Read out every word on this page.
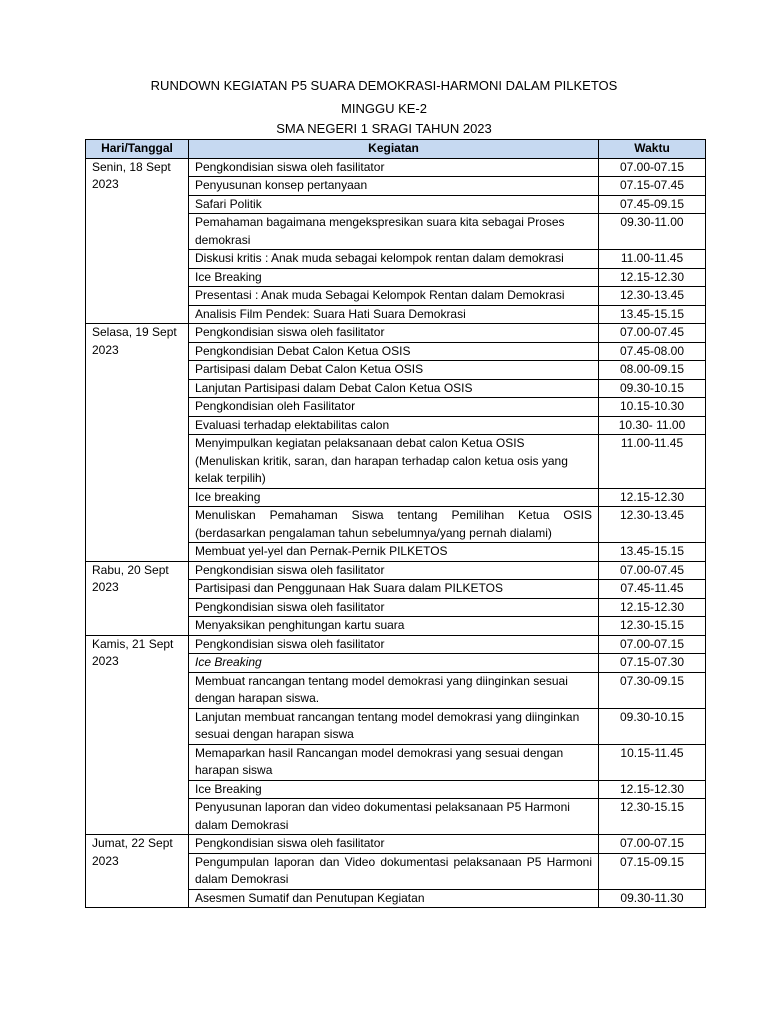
RUNDOWN KEGIATAN P5 SUARA DEMOKRASI-HARMONI DALAM PILKETOS
MINGGU KE-2
SMA NEGERI 1 SRAGI TAHUN 2023
Hari/Tanggal	Kegiatan	Waktu
Senin, 18 Sept 2023	Pengkondisian siswa oleh fasilitator	07.00-07.15
	Penyusunan konsep pertanyaan	07.15-07.45
	Safari Politik	07.45-09.15
	Pemahaman bagaimana mengekspresikan suara kita sebagai Proses demokrasi	09.30-11.00
	Diskusi kritis : Anak muda sebagai kelompok rentan dalam demokrasi	11.00-11.45
	Ice Breaking	12.15-12.30
	Presentasi : Anak muda Sebagai Kelompok Rentan dalam Demokrasi	12.30-13.45
	Analisis Film Pendek: Suara Hati Suara Demokrasi	13.45-15.15
Selasa, 19 Sept 2023	Pengkondisian siswa oleh fasilitator	07.00-07.45
	Pengkondisian Debat Calon Ketua OSIS	07.45-08.00
	Partisipasi dalam Debat Calon Ketua OSIS	08.00-09.15
	Lanjutan Partisipasi dalam Debat Calon Ketua OSIS	09.30-10.15
	Pengkondisian oleh Fasilitator	10.15-10.30
	Evaluasi terhadap elektabilitas calon	10.30- 11.00
	Menyimpulkan kegiatan pelaksanaan debat calon Ketua OSIS (Menuliskan kritik, saran, dan harapan terhadap calon ketua osis yang kelak terpilih)	11.00-11.45
	Ice breaking	12.15-12.30
	Menuliskan Pemahaman Siswa tentang Pemilihan Ketua OSIS (berdasarkan pengalaman tahun sebelumnya/yang pernah dialami)	12.30-13.45
	Membuat yel-yel dan Pernak-Pernik PILKETOS	13.45-15.15
Rabu, 20 Sept 2023	Pengkondisian siswa oleh fasilitator	07.00-07.45
	Partisipasi dan Penggunaan Hak Suara dalam PILKETOS	07.45-11.45
	Pengkondisian siswa oleh fasilitator	12.15-12.30
	Menyaksikan penghitungan kartu suara	12.30-15.15
Kamis, 21 Sept 2023	Pengkondisian siswa oleh fasilitator	07.00-07.15
	Ice Breaking	07.15-07.30
	Membuat rancangan tentang model demokrasi yang diinginkan sesuai dengan harapan siswa.	07.30-09.15
	Lanjutan membuat rancangan tentang model demokrasi yang diinginkan sesuai dengan harapan siswa	09.30-10.15
	Memaparkan hasil Rancangan model demokrasi yang sesuai dengan harapan siswa	10.15-11.45
	Ice Breaking	12.15-12.30
	Penyusunan laporan dan video dokumentasi pelaksanaan P5 Harmoni dalam Demokrasi	12.30-15.15
Jumat, 22 Sept 2023	Pengkondisian siswa oleh fasilitator	07.00-07.15
	Pengumpulan laporan dan Video dokumentasi pelaksanaan P5 Harmoni dalam Demokrasi	07.15-09.15
	Asesmen Sumatif dan Penutupan Kegiatan	09.30-11.30
